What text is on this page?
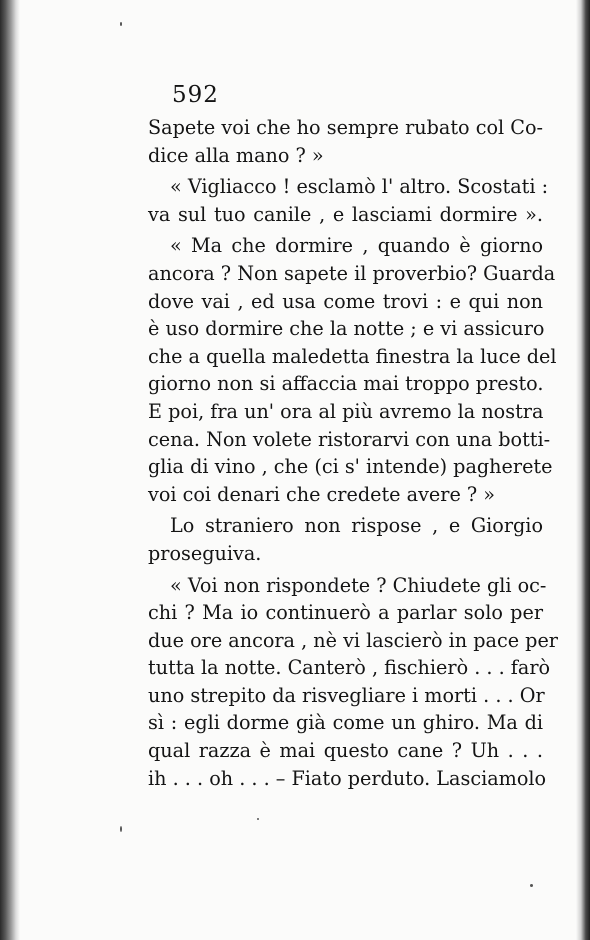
592
Sapete voi che ho sempre rubato col Co-
dice alla mano ? »
« Vigliacco ! esclamò l' altro. Scostati :
va sul tuo canile , e lasciami dormire ».
« Ma che dormire , quando è giorno
ancora ? Non sapete il proverbio? Guarda
dove vai , ed usa come trovi : e qui non
è uso dormire che la notte ; e vi assicuro
che a quella maledetta finestra la luce del
giorno non si affaccia mai troppo presto.
E poi, fra un' ora al più avremo la nostra
cena. Non volete ristorarvi con una botti-
glia di vino , che (ci s' intende) pagherete
voi coi denari che credete avere ? »
Lo straniero non rispose , e Giorgio
proseguiva.
« Voi non rispondete ? Chiudete gli oc-
chi ? Ma io continuerò a parlar solo per
due ore ancora , nè vi lascierò in pace per
tutta la notte. Canterò , fischierò . . . farò
uno strepito da risvegliare i morti . . . Or
sì : egli dorme già come un ghiro. Ma di
qual razza è mai questo cane ? Uh . . .
ih . . . oh . . . – Fiato perduto. Lasciamolo
